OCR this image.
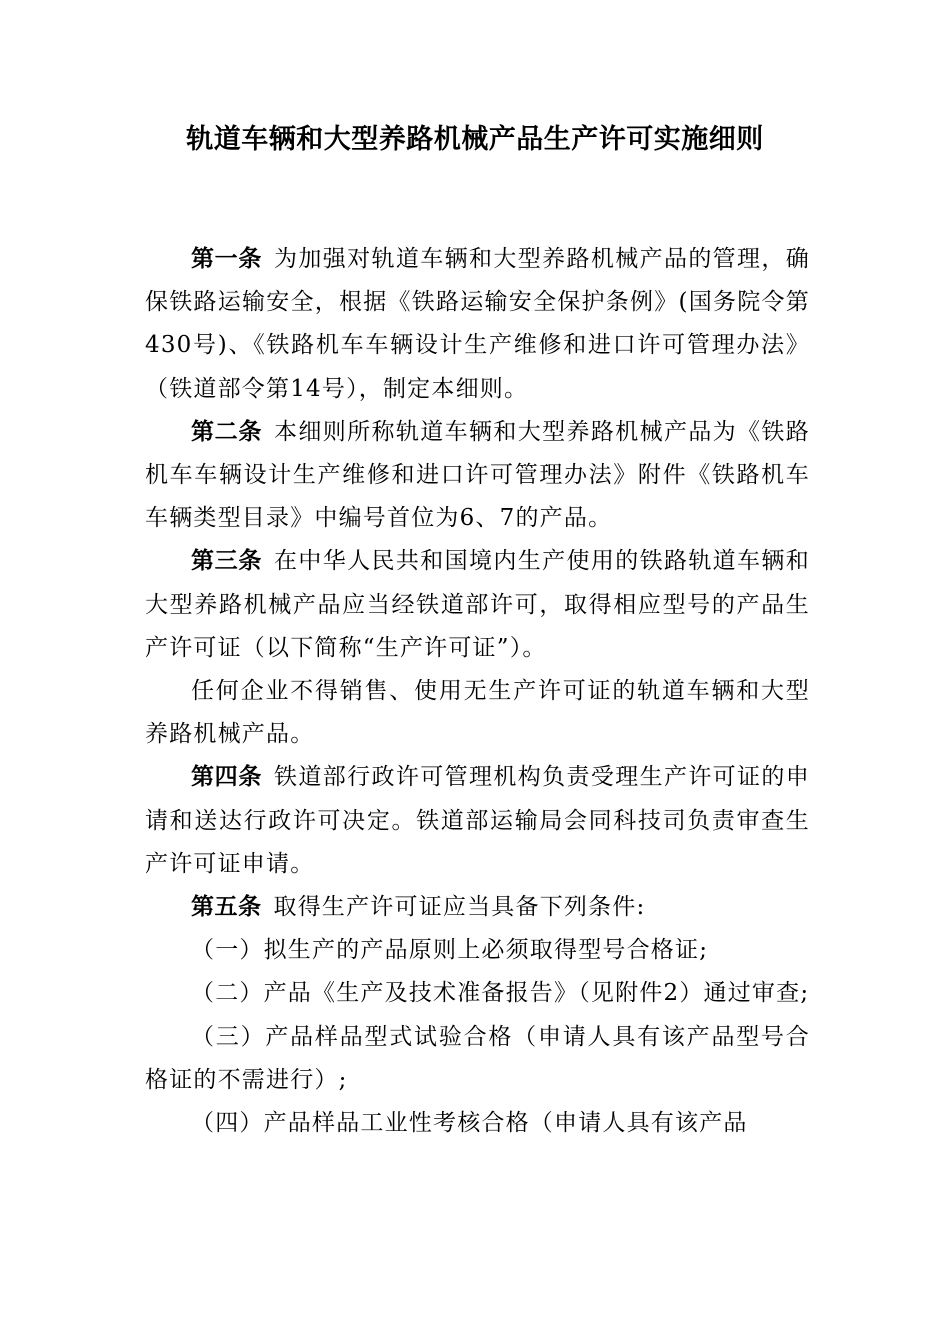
轨道车辆和大型养路机械产品生产许可实施细则

第一条 为加强对轨道车辆和大型养路机械产品的管理，确保铁路运输安全，根据《铁路运输安全保护条例》(国务院令第430号)、《铁路机车车辆设计生产维修和进口许可管理办法》（铁道部令第14号），制定本细则。

第二条 本细则所称轨道车辆和大型养路机械产品为《铁路机车车辆设计生产维修和进口许可管理办法》附件《铁路机车车辆类型目录》中编号首位为6、7的产品。

第三条 在中华人民共和国境内生产使用的铁路轨道车辆和大型养路机械产品应当经铁道部许可，取得相应型号的产品生产许可证（以下简称“生产许可证”）。

任何企业不得销售、使用无生产许可证的轨道车辆和大型养路机械产品。

第四条 铁道部行政许可管理机构负责受理生产许可证的申请和送达行政许可决定。铁道部运输局会同科技司负责审查生产许可证申请。

第五条 取得生产许可证应当具备下列条件:

（一）拟生产的产品原则上必须取得型号合格证;

（二）产品《生产及技术准备报告》（见附件2）通过审查;

（三）产品样品型式试验合格（申请人具有该产品型号合格证的不需进行）;

（四）产品样品工业性考核合格（申请人具有该产品
